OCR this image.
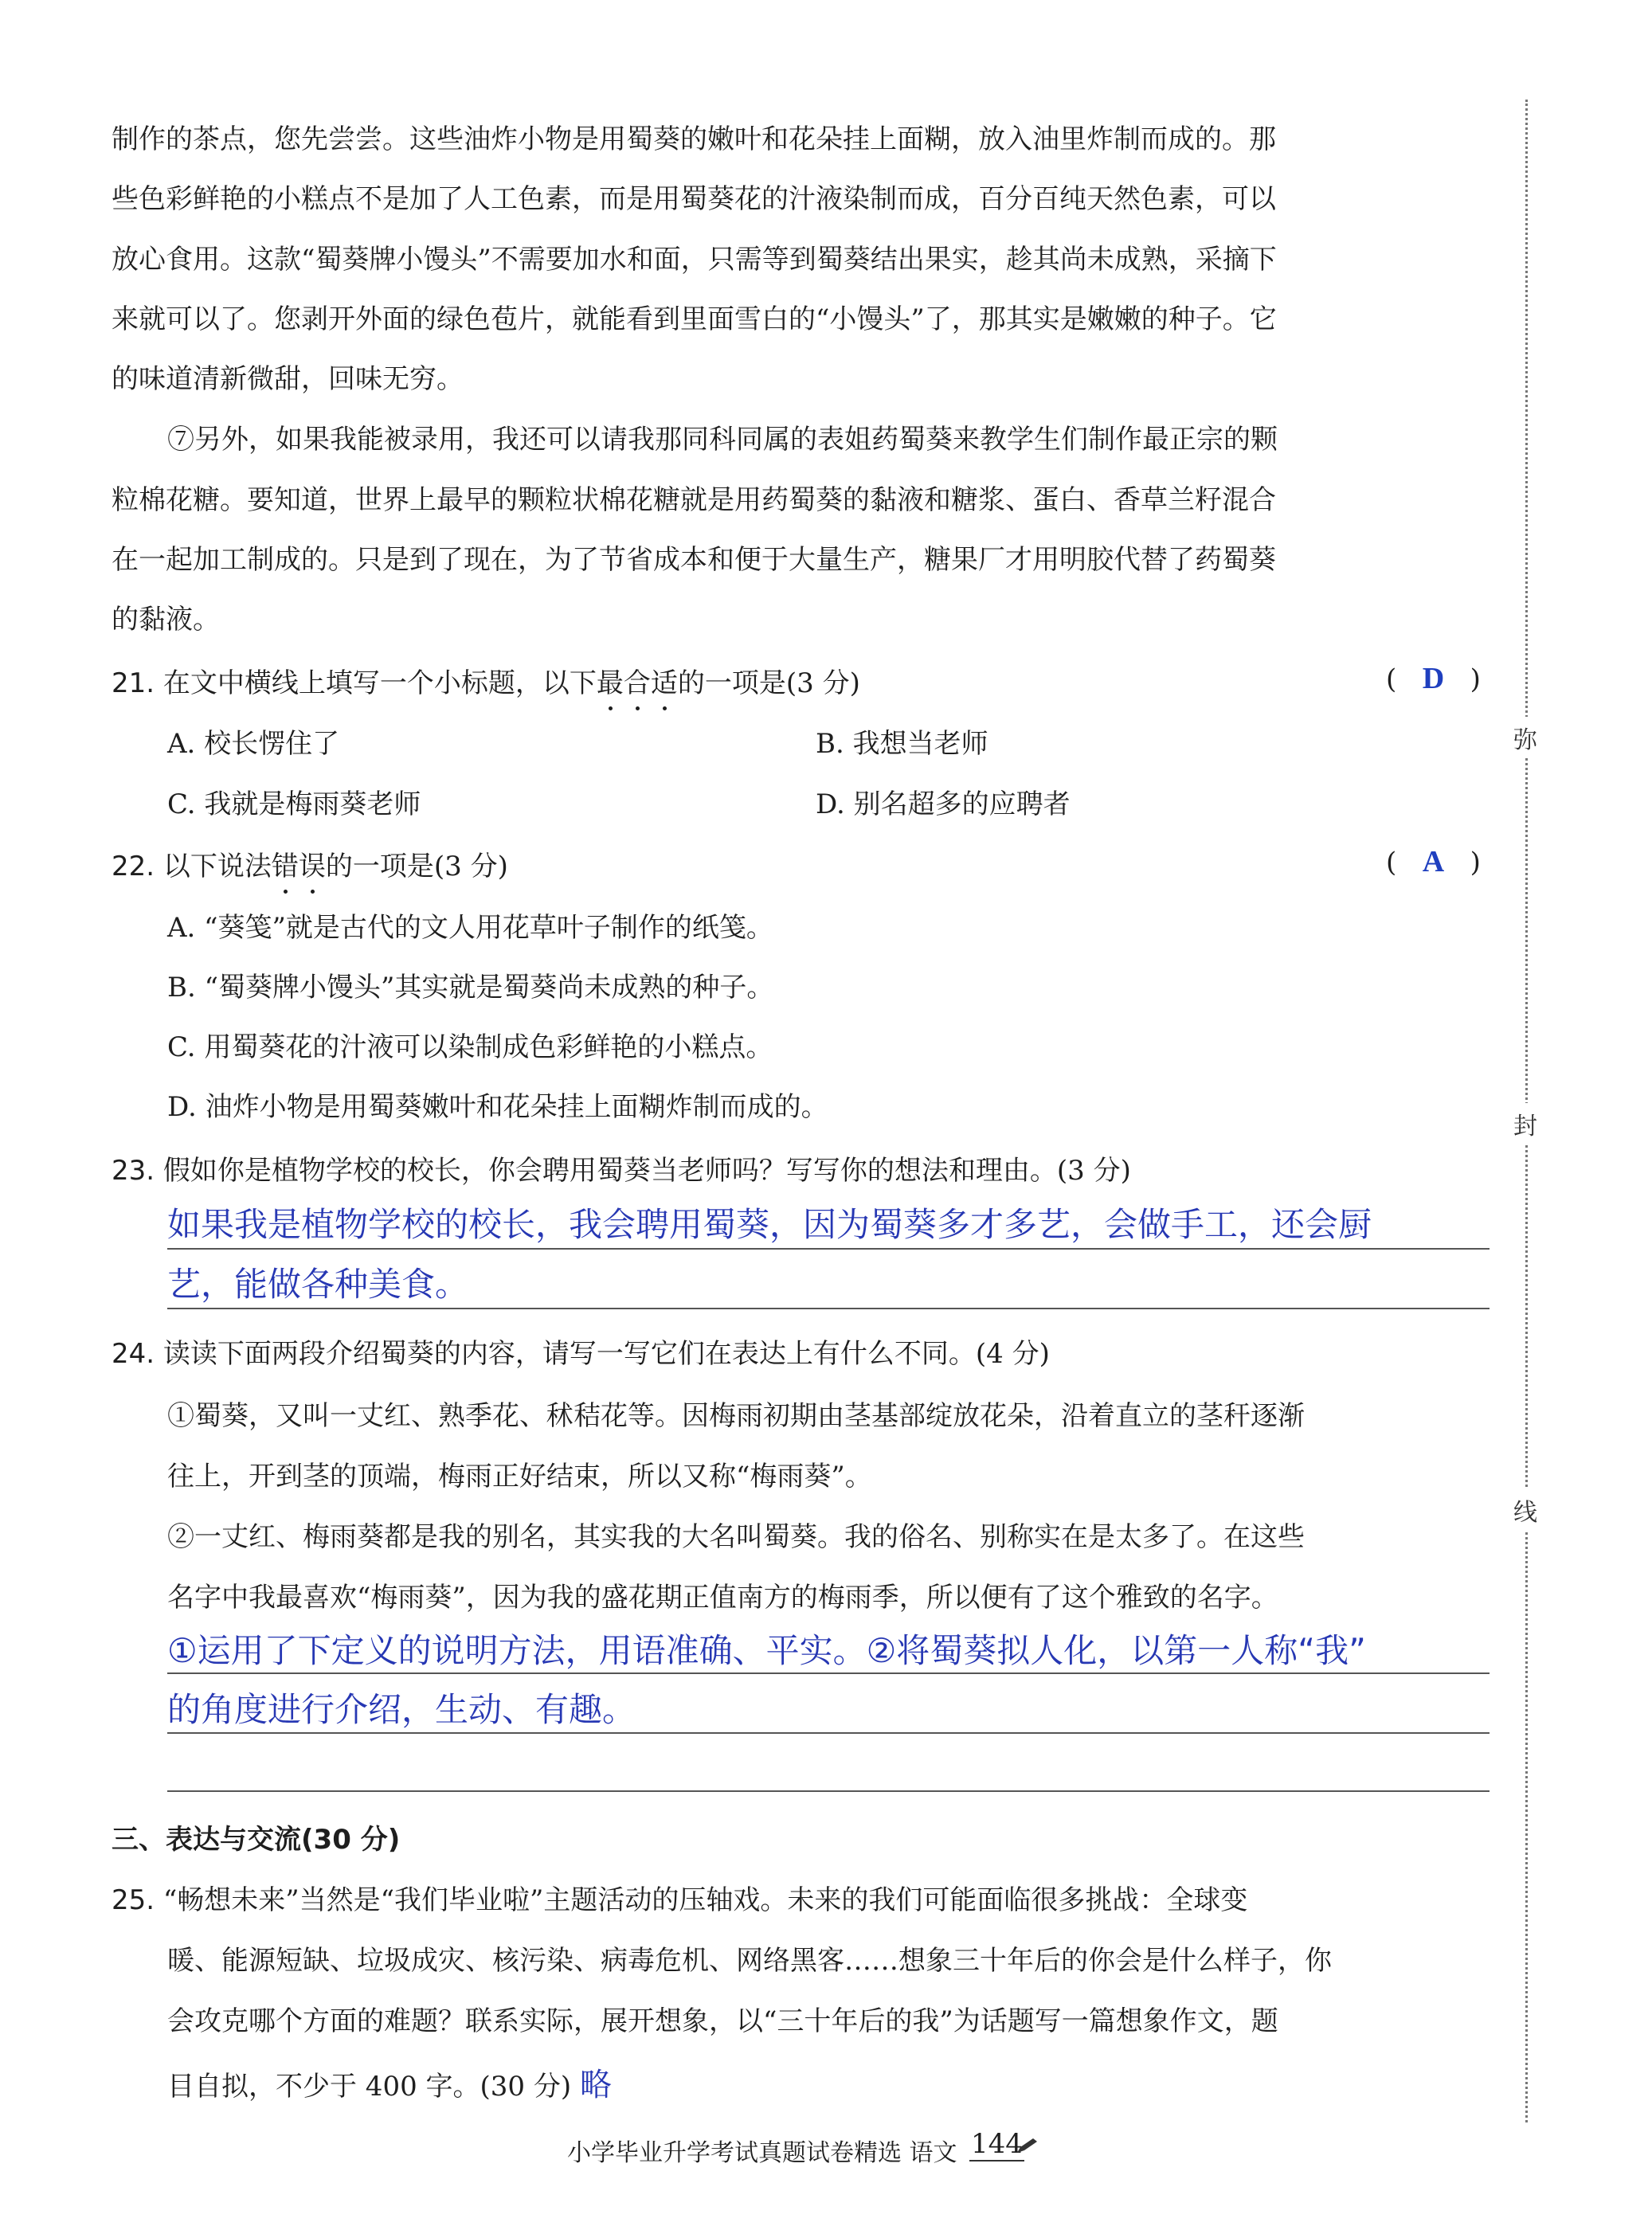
弥
封
线
制作的茶点，您先尝尝。这些油炸小物是用蜀葵的嫩叶和花朵挂上面糊，放入油里炸制而成的。那
些色彩鲜艳的小糕点不是加了人工色素，而是用蜀葵花的汁液染制而成，百分百纯天然色素，可以
放心食用。这款“蜀葵牌小馒头”不需要加水和面，只需等到蜀葵结出果实，趁其尚未成熟，采摘下
来就可以了。您剥开外面的绿色苞片，就能看到里面雪白的“小馒头”了，那其实是嫩嫩的种子。它
的味道清新微甜，回味无穷。
⑦另外，如果我能被录用，我还可以请我那同科同属的表姐药蜀葵来教学生们制作最正宗的颗
粒棉花糖。要知道，世界上最早的颗粒状棉花糖就是用药蜀葵的黏液和糖浆、蛋白、香草兰籽混合
在一起加工制成的。只是到了现在，为了节省成本和便于大量生产，糖果厂才用明胶代替了药蜀葵
的黏液。
21. 在文中横线上填写一个小标题，以下最合适的一项是(3 分)	( D )
A. 校长愣住了	B. 我想当老师
C. 我就是梅雨葵老师	D. 别名超多的应聘者
22. 以下说法错误的一项是(3 分)	( A )
A. “葵笺”就是古代的文人用花草叶子制作的纸笺。
B. “蜀葵牌小馒头”其实就是蜀葵尚未成熟的种子。
C. 用蜀葵花的汁液可以染制成色彩鲜艳的小糕点。
D. 油炸小物是用蜀葵嫩叶和花朵挂上面糊炸制而成的。
23. 假如你是植物学校的校长，你会聘用蜀葵当老师吗？写写你的想法和理由。(3 分)
如果我是植物学校的校长，我会聘用蜀葵，因为蜀葵多才多艺，会做手工，还会厨
艺，能做各种美食。
24. 读读下面两段介绍蜀葵的内容，请写一写它们在表达上有什么不同。(4 分)
①蜀葵，又叫一丈红、熟季花、秫秸花等。因梅雨初期由茎基部绽放花朵，沿着直立的茎秆逐渐
往上，开到茎的顶端，梅雨正好结束，所以又称“梅雨葵”。
②一丈红、梅雨葵都是我的别名，其实我的大名叫蜀葵。我的俗名、别称实在是太多了。在这些
名字中我最喜欢“梅雨葵”，因为我的盛花期正值南方的梅雨季，所以便有了这个雅致的名字。
①运用了下定义的说明方法，用语准确、平实。②将蜀葵拟人化，以第一人称“我”
的角度进行介绍，生动、有趣。
三、表达与交流(30 分)
25. “畅想未来”当然是“我们毕业啦”主题活动的压轴戏。未来的我们可能面临很多挑战：全球变
暖、能源短缺、垃圾成灾、核污染、病毒危机、网络黑客……想象三十年后的你会是什么样子，你
会攻克哪个方面的难题？联系实际，展开想象，以“三十年后的我”为话题写一篇想象作文，题
目自拟，不少于 400 字。(30 分) 略
小学毕业升学考试真题试卷精选 语文 144
